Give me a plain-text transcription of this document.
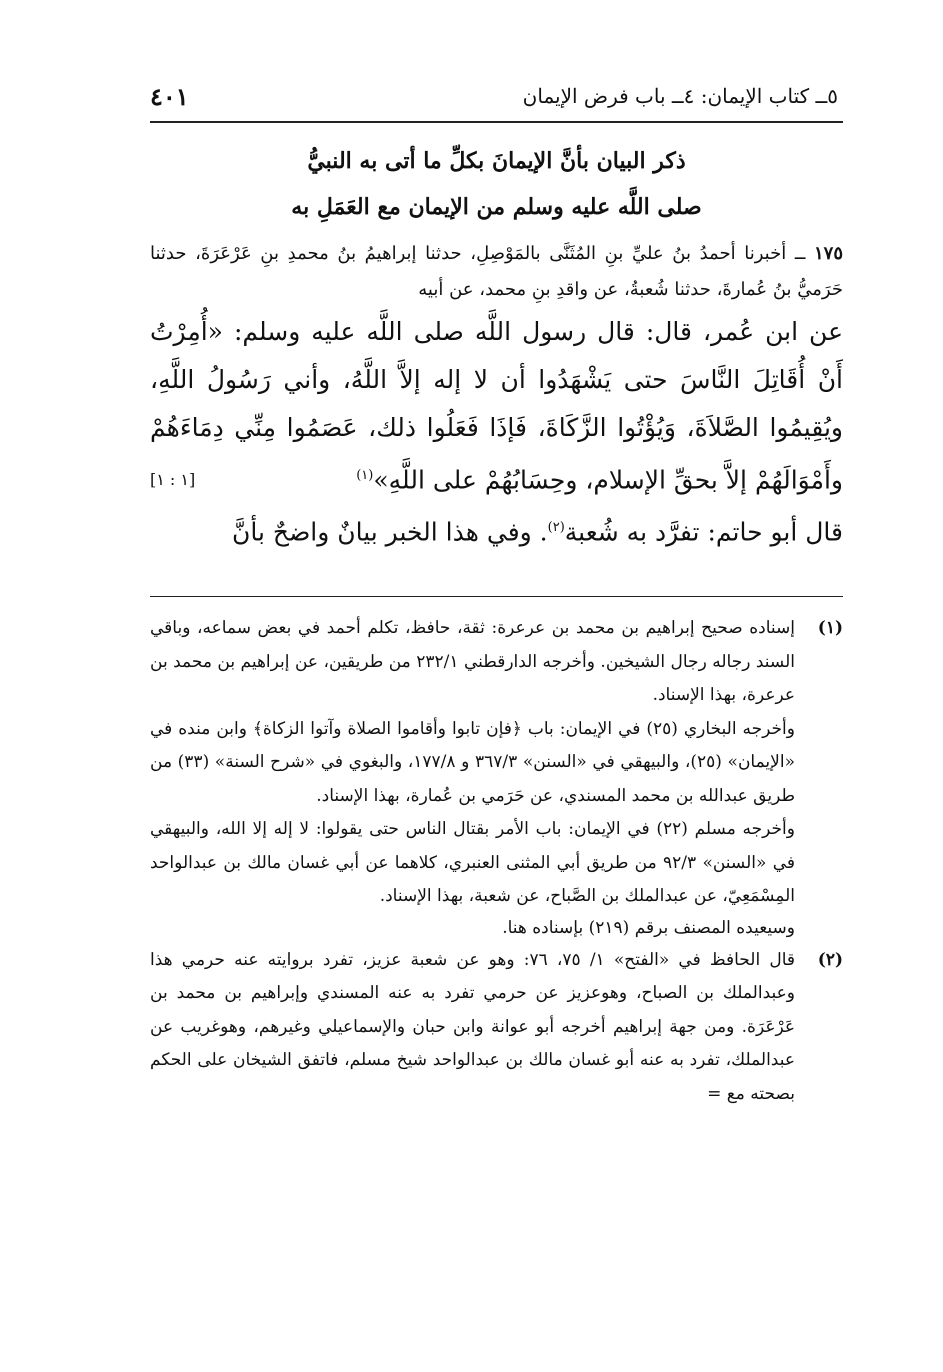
٥ــ كتاب الإيمان: ٤ــ باب فرض الإيمان
٤٠١
ذكر البيان بأنَّ الإيمانَ بكلِّ ما أتى به النبيُّ
صلى اللَّه عليه وسلم من الإيمان مع العَمَلِ به

١٧٥ ــ أخبرنا أحمدُ بنُ عليِّ بنِ المُثَنَّى بالمَوْصِلِ، حدثنا إبراهيمُ بنُ محمدِ بنِ عَرْعَرَةَ، حدثنا حَرَميُّ بنُ عُمارةَ، حدثنا شُعبةُ، عن واقدِ بنِ محمد، عن أبيه

عن ابن عُمر، قال: قال رسول اللَّه صلى اللَّه عليه وسلم: «أُمِرْتُ أَنْ أُقَاتِلَ النَّاسَ حتى يَشْهَدُوا أن لا إله إلاَّ اللَّهُ، وأني رَسُولُ اللَّهِ، ويُقِيمُوا الصَّلاَةَ، وَيُؤْتُوا الزَّكَاةَ، فَإذَا فَعَلُوا ذلك، عَصَمُوا مِنِّي دِمَاءَهُمْ وأَمْوَالَهُمْ إلاَّ بحقِّ الإسلام، وحِسَابُهُمْ على اللَّهِ»$^{(١)}$
[١ : ١]

قال أبو حاتم: تفرَّد به شُعبة$^{(٢)}$. وفي هذا الخبر بيانٌ واضحٌ بأنَّ

(١)

إسناده صحيح إبراهيم بن محمد بن عرعرة: ثقة، حافظ، تكلم أحمد في بعض سماعه، وباقي السند رجاله رجال الشيخين. وأخرجه الدارقطني ٢٣٢/١ من طريقين، عن إبراهيم بن محمد بن عرعرة، بهذا الإسناد.

وأخرجه البخاري (٢٥) في الإيمان: باب ﴿فإن تابوا وأقاموا الصلاة وآتوا الزكاة﴾ وابن منده في «الإيمان» (٢٥)، والبيهقي في «السنن» ٣٦٧/٣ و ١٧٧/٨، والبغوي في «شرح السنة» (٣٣) من طريق عبدالله بن محمد المسندي، عن حَرَمي بن عُمارة، بهذا الإسناد.

وأخرجه مسلم (٢٢) في الإيمان: باب الأمر بقتال الناس حتى يقولوا: لا إله إلا الله، والبيهقي في «السنن» ٩٢/٣ من طريق أبي المثنى العنبري، كلاهما عن أبي غسان مالك بن عبدالواحد المِسْمَعِيّ، عن عبدالملك بن الصَّباح، عن شعبة، بهذا الإسناد.

وسيعيده المصنف برقم (٢١٩) بإسناده هنا.

(٢)

قال الحافظ في «الفتح» ١/ ٧٥، ٧٦: وهو عن شعبة عزيز، تفرد بروايته عنه حرمي هذا وعبدالملك بن الصباح، وهوعزيز عن حرمي تفرد به عنه المسندي وإبراهيم بن محمد بن عَرْعَرَة. ومن جهة إبراهيم أخرجه أبو عوانة وابن حبان والإسماعيلي وغيرهم، وهوغريب عن عبدالملك، تفرد به عنه أبو غسان مالك بن عبدالواحد شيخ مسلم، فاتفق الشيخان على الحكم بصحته مع =
